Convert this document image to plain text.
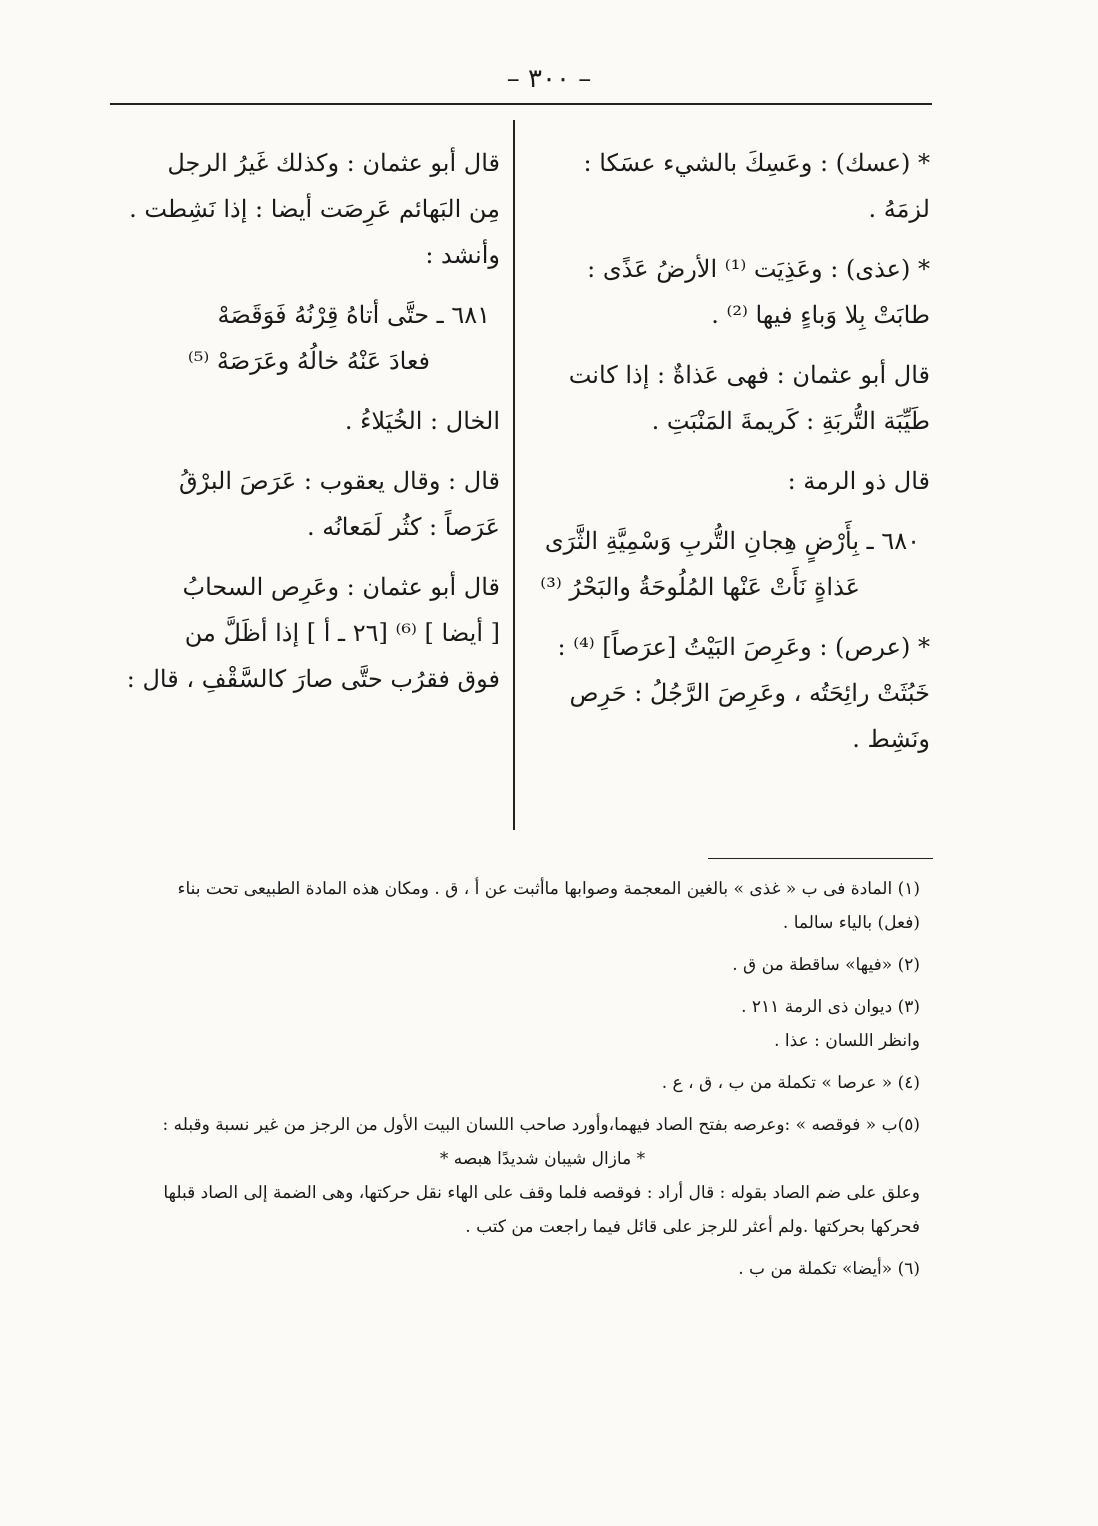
– ٣٠٠ –

* (عسك) : وعَسِكَ بالشيء عسَكا :
لزمَهُ .

* (عذى) : وعَذِيَت ⁽¹⁾ الأرضُ عَذًى :
طابَتْ بِلا وَباءٍ فيها ⁽²⁾ .

قال أبو عثمان : فهى عَذاةٌ : إذا كانت
طَيِّبَة التُّربَةِ : كَريمةَ المَنْبَتِ .

قال ذو الرمة :

٦٨٠ ـ بِأَرْضٍ هِجانِ التُّربِ وَسْمِيَّةِ الثَّرَى
عَذاةٍ نَأَتْ عَنْها المُلُوحَةُ والبَحْرُ ⁽³⁾

* (عرص) : وعَرِصَ البَيْتُ [عرَصاً] ⁽⁴⁾ :
خَبُثَتْ رائِحَتُه ، وعَرِصَ الرَّجُلُ : حَرِص
ونَشِط .

قال أبو عثمان : وكذلك غَيرُ الرجل
مِن البَهائم عَرِصَت أيضا : إذا نَشِطت .
وأنشد :

٦٨١ ـ حتَّى أتاهُ قِرْنُهُ فَوَقَصَهْ
فعادَ عَنْهُ خالُهُ وعَرَصَهْ ⁽⁵⁾

الخال : الخُيَلاءُ .

قال : وقال يعقوب : عَرَصَ البرْقُ
عَرَصاً : كثُر لَمَعانُه .

قال أبو عثمان : وعَرِص السحابُ
[ أيضا ] ⁽⁶⁾ [٢٦ ـ أ ] إذا أظَلَّ من
فوق فقرُب حتَّى صارَ كالسَّقْفِ ، قال :

(١) المادة فى ب « غذى » بالغين المعجمة وصوابها ماأثبت عن أ ، ق . ومكان هذه المادة الطبيعى تحت بناء
(فعل) بالياء سالما .

(٢) «فيها» ساقطة من ق .

(٣) ديوان ذى الرمة ٢١١ .
وانظر اللسان : عذا .

(٤) « عرصا » تكملة من ب ، ق ، ع .

(٥)ب « فوقصه » :وعرصه بفتح الصاد فيهما،وأورد صاحب اللسان البيت الأول من الرجز من غير نسبة وقبله :
* مازال شيبان شديدًا هبصه *
وعلق على ضم الصاد بقوله : قال أراد : فوقصه فلما وقف على الهاء نقل حركتها، وهى الضمة إلى الصاد قبلها
فحركها بحركتها .ولم أعثر للرجز على قائل فيما راجعت من كتب .

(٦) «أيضا» تكملة من ب .
